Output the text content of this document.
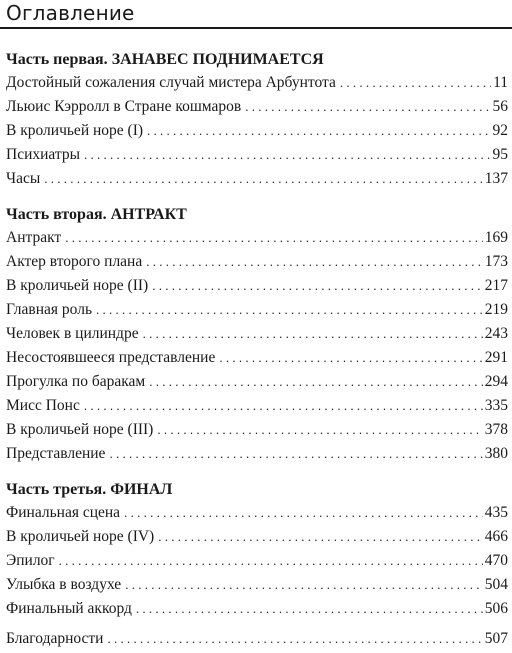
Оглавление
Часть первая. ЗАНАВЕС ПОДНИМАЕТСЯ
Достойный сожаления случай мистера Арбунтота . . .	11
Льюис Кэрролл в Стране кошмаров . . .	56
В кроличьей норе (I) . . .	92
Психиатры . . .	95
Часы . . .	137
Часть вторая. АНТРАКТ
Антракт . . .	169
Актер второго плана . . .	173
В кроличьей норе (II) . . .	217
Главная роль . . .	219
Человек в цилиндре . . .	243
Несостоявшееся представление . . .	291
Прогулка по баракам . . .	294
Мисс Понс . . .	335
В кроличьей норе (III) . . .	378
Представление . . .	380
Часть третья. ФИНАЛ
Финальная сцена . . .	435
В кроличьей норе (IV) . . .	466
Эпилог . . .	470
Улыбка в воздухе . . .	504
Финальный аккорд . . .	506
Благодарности . . .	507
